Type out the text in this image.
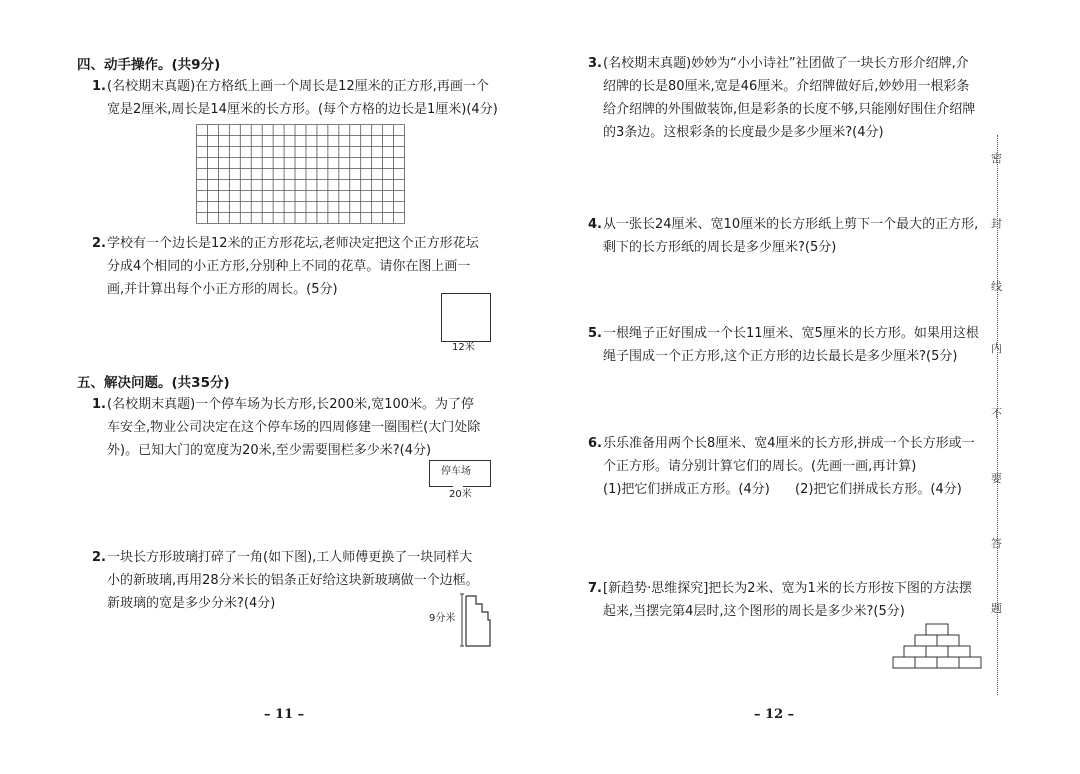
四、动手操作。(共9分)
1. (名校期末真题)在方格纸上画一个周长是12厘米的正方形,再画一个
宽是2厘米,周长是14厘米的长方形。(每个方格的边长是1厘米)(4分)
2. 学校有一个边长是12米的正方形花坛,老师决定把这个正方形花坛
分成4个相同的小正方形,分别种上不同的花草。请你在图上画一
画,并计算出每个小正方形的周长。(5分)
12米
五、解决问题。(共35分)
1. (名校期末真题)一个停车场为长方形,长200米,宽100米。为了停
车安全,物业公司决定在这个停车场的四周修建一圈围栏(大门处除
外)。已知大门的宽度为20米,至少需要围栏多少米?(4分)
停车场
20米
2. 一块长方形玻璃打碎了一角(如下图),工人师傅更换了一块同样大
小的新玻璃,再用28分米长的铝条正好给这块新玻璃做一个边框。
新玻璃的宽是多少分米?(4分)
9分米
– 11 –
3. (名校期末真题)妙妙为“小小诗社”社团做了一块长方形介绍牌,介
绍牌的长是80厘米,宽是46厘米。介绍牌做好后,妙妙用一根彩条
给介绍牌的外围做装饰,但是彩条的长度不够,只能刚好围住介绍牌
的3条边。这根彩条的长度最少是多少厘米?(4分)
4. 从一张长24厘米、宽10厘米的长方形纸上剪下一个最大的正方形,
剩下的长方形纸的周长是多少厘米?(5分)
5. 一根绳子正好围成一个长11厘米、宽5厘米的长方形。如果用这根
绳子围成一个正方形,这个正方形的边长最长是多少厘米?(5分)
6. 乐乐准备用两个长8厘米、宽4厘米的长方形,拼成一个长方形或一
个正方形。请分别计算它们的周长。(先画一画,再计算)
(1)把它们拼成正方形。(4分) (2)把它们拼成长方形。(4分)
7. [新趋势·思维探究]把长为2米、宽为1米的长方形按下图的方法摆
起来,当摆完第4层时,这个图形的周长是多少米?(5分)
– 12 –
密
封
线
内
不
要
答
题
